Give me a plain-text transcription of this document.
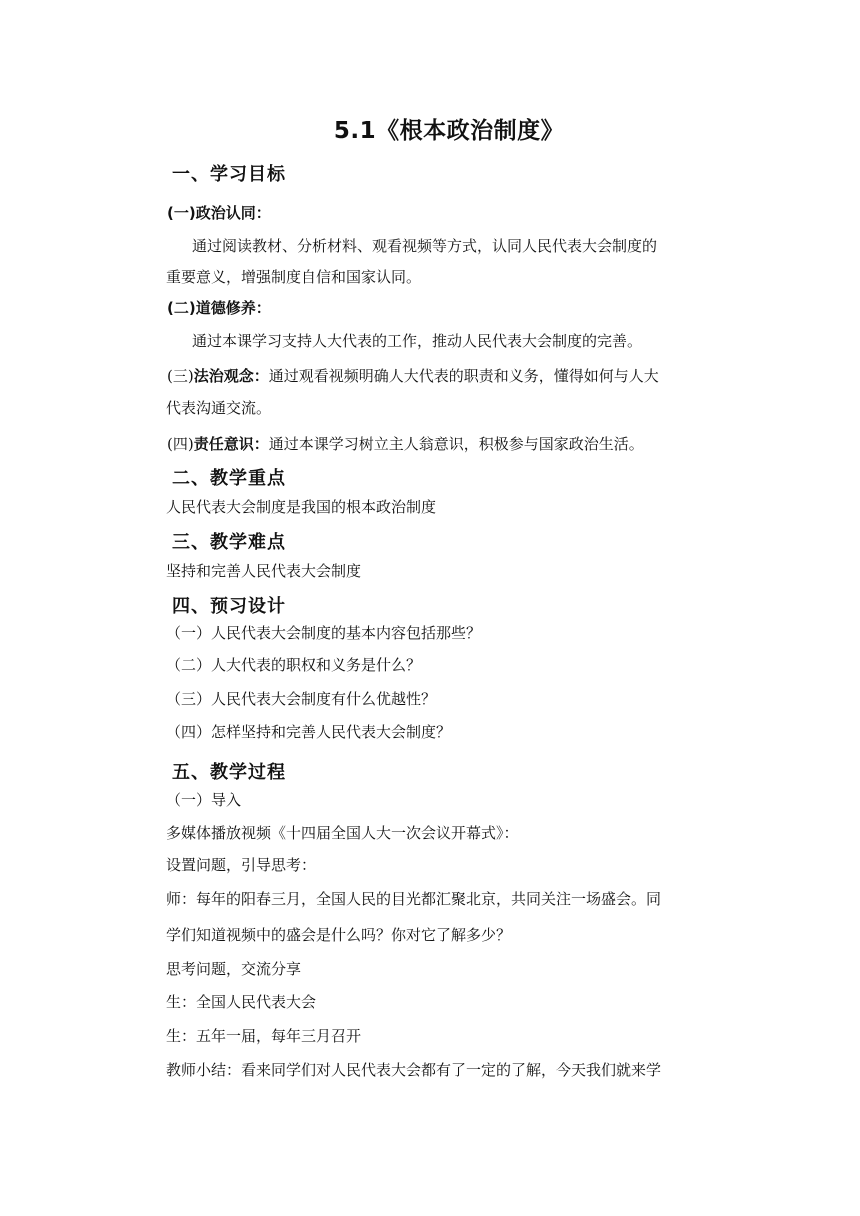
5.1《根本政治制度》
一、学习目标
(一)政治认同：
通过阅读教材、分析材料、观看视频等方式，认同人民代表大会制度的
重要意义，增强制度自信和国家认同。
(二)道德修养：
通过本课学习支持人大代表的工作，推动人民代表大会制度的完善。
(三)法治观念：通过观看视频明确人大代表的职责和义务，懂得如何与人大
代表沟通交流。
(四)责任意识：通过本课学习树立主人翁意识，积极参与国家政治生活。
二、教学重点
人民代表大会制度是我国的根本政治制度
三、教学难点
坚持和完善人民代表大会制度
四、预习设计
（一）人民代表大会制度的基本内容包括那些？
（二）人大代表的职权和义务是什么？
（三）人民代表大会制度有什么优越性？
（四）怎样坚持和完善人民代表大会制度？
五、教学过程
（一）导入
多媒体播放视频《十四届全国人大一次会议开幕式》：
设置问题，引导思考：
师：每年的阳春三月，全国人民的目光都汇聚北京，共同关注一场盛会。同
学们知道视频中的盛会是什么吗？你对它了解多少？
思考问题，交流分享
生：全国人民代表大会
生：五年一届，每年三月召开
教师小结：看来同学们对人民代表大会都有了一定的了解，今天我们就来学
